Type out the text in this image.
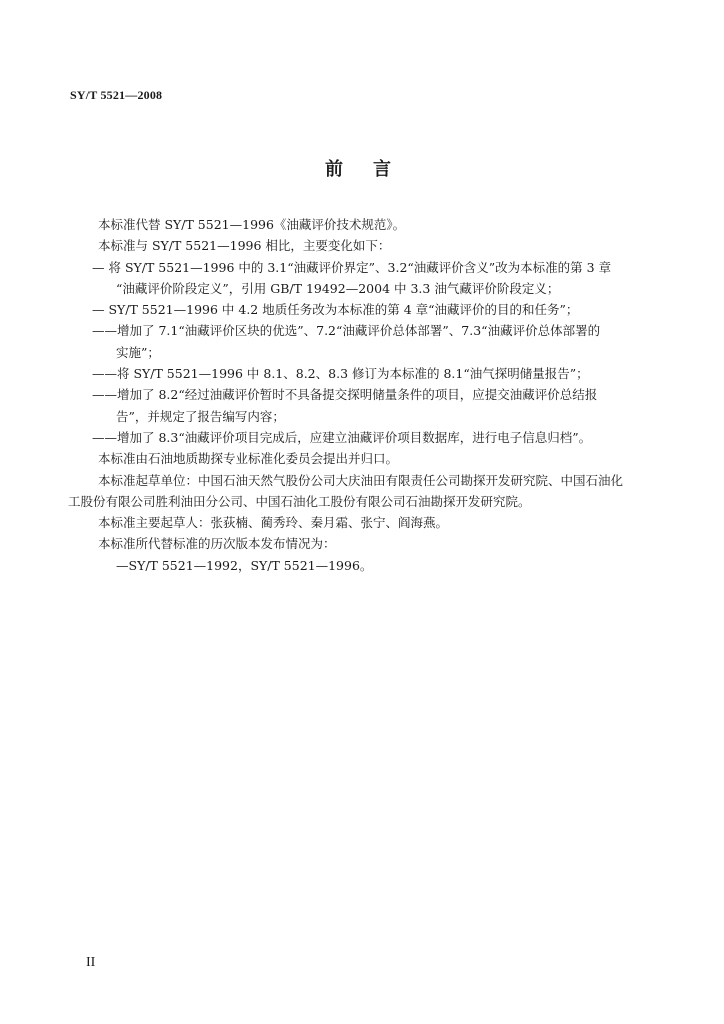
SY/T 5521—2008
前言
本标准代替 SY/T 5521—1996《油藏评价技术规范》。
本标准与 SY/T 5521—1996 相比，主要变化如下：
— 将 SY/T 5521—1996 中的 3.1“油藏评价界定”、3.2“油藏评价含义”改为本标准的第 3 章
“油藏评价阶段定义”，引用 GB/T 19492—2004 中 3.3 油气藏评价阶段定义；
— SY/T 5521—1996 中 4.2 地质任务改为本标准的第 4 章“油藏评价的目的和任务”；
——增加了 7.1“油藏评价区块的优选”、7.2“油藏评价总体部署”、7.3“油藏评价总体部署的
实施”；
——将 SY/T 5521—1996 中 8.1、8.2、8.3 修订为本标准的 8.1“油气探明储量报告”；
——增加了 8.2“经过油藏评价暂时不具备提交探明储量条件的项目，应提交油藏评价总结报
告”，并规定了报告编写内容；
——增加了 8.3“油藏评价项目完成后，应建立油藏评价项目数据库，进行电子信息归档”。
本标准由石油地质勘探专业标准化委员会提出并归口。
本标准起草单位：中国石油天然气股份公司大庆油田有限责任公司勘探开发研究院、中国石油化
工股份有限公司胜利油田分公司、中国石油化工股份有限公司石油勘探开发研究院。
本标准主要起草人：张荻楠、蔺秀玲、秦月霜、张宁、阎海燕。
本标准所代替标准的历次版本发布情况为：
—SY/T 5521—1992，SY/T 5521—1996。
II
